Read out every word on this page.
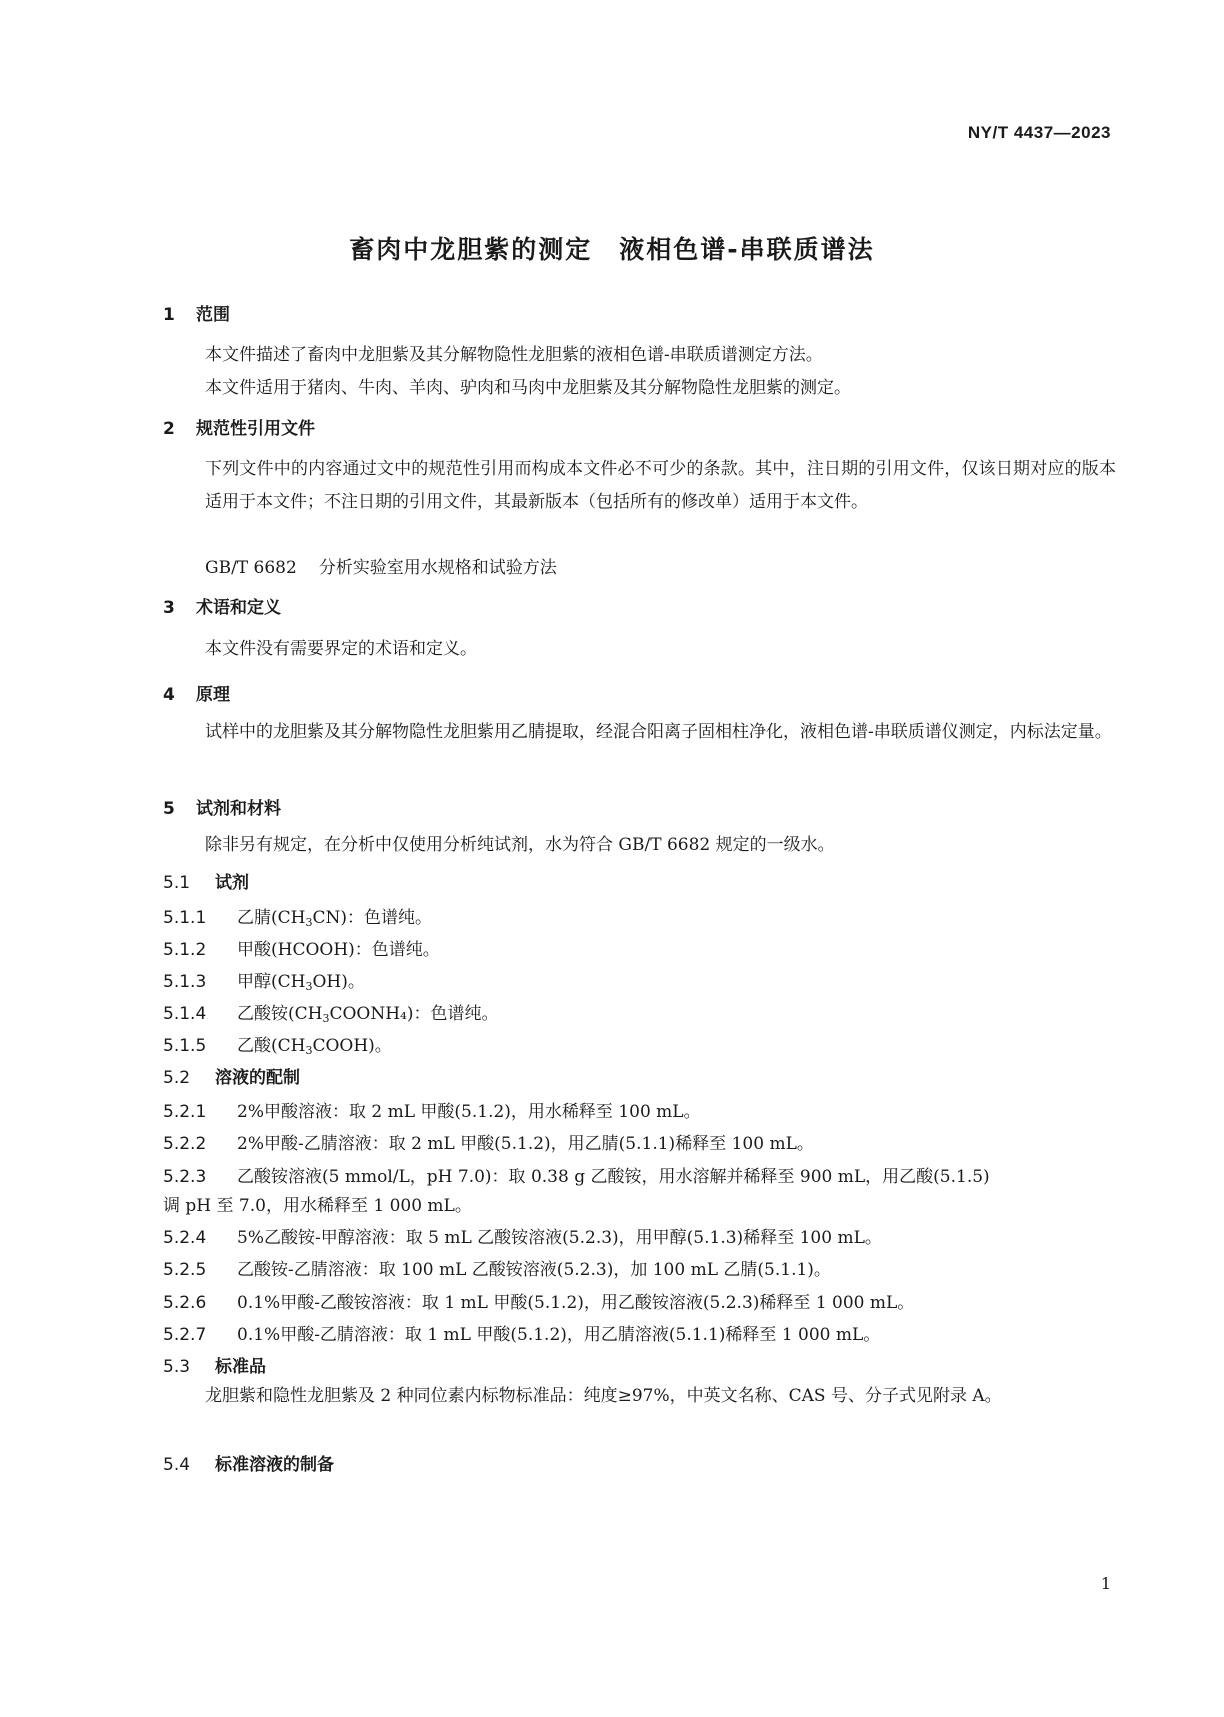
NY/T 4437—2023
畜肉中龙胆紫的测定　液相色谱-串联质谱法
1 范围
本文件描述了畜肉中龙胆紫及其分解物隐性龙胆紫的液相色谱-串联质谱测定方法。
本文件适用于猪肉、牛肉、羊肉、驴肉和马肉中龙胆紫及其分解物隐性龙胆紫的测定。
2 规范性引用文件
下列文件中的内容通过文中的规范性引用而构成本文件必不可少的条款。其中，注日期的引用文件，仅该日期对应的版本适用于本文件；不注日期的引用文件，其最新版本（包括所有的修改单）适用于本文件。
GB/T 6682 分析实验室用水规格和试验方法
3 术语和定义
本文件没有需要界定的术语和定义。
4 原理
试样中的龙胆紫及其分解物隐性龙胆紫用乙腈提取，经混合阳离子固相柱净化，液相色谱-串联质谱仪测定，内标法定量。
5 试剂和材料
除非另有规定，在分析中仅使用分析纯试剂，水为符合 GB/T 6682 规定的一级水。
5.1 试剂
5.1.1 乙腈$(CH_3CN)$：色谱纯。
5.1.2 甲酸(HCOOH)：色谱纯。
5.1.3 甲醇$(CH_3OH)$。
5.1.4 乙酸铵$(CH_3COONH_4)$：色谱纯。
5.1.5 乙酸$(CH_3COOH)$。
5.2 溶液的配制
5.2.1 2%甲酸溶液：取 2 mL 甲酸(5.1.2)，用水稀释至 100 mL。
5.2.2 2%甲酸-乙腈溶液：取 2 mL 甲酸(5.1.2)，用乙腈(5.1.1)稀释至 100 mL。
5.2.3 乙酸铵溶液(5 mmol/L，pH 7.0)：取 0.38 g 乙酸铵，用水溶解并稀释至 900 mL，用乙酸(5.1.5)
调 pH 至 7.0，用水稀释至 1 000 mL。
5.2.4 5%乙酸铵-甲醇溶液：取 5 mL 乙酸铵溶液(5.2.3)，用甲醇(5.1.3)稀释至 100 mL。
5.2.5 乙酸铵-乙腈溶液：取 100 mL 乙酸铵溶液(5.2.3)，加 100 mL 乙腈(5.1.1)。
5.2.6 0.1%甲酸-乙酸铵溶液：取 1 mL 甲酸(5.1.2)，用乙酸铵溶液(5.2.3)稀释至 1 000 mL。
5.2.7 0.1%甲酸-乙腈溶液：取 1 mL 甲酸(5.1.2)，用乙腈溶液(5.1.1)稀释至 1 000 mL。
5.3 标准品
龙胆紫和隐性龙胆紫及 2 种同位素内标物标准品：纯度≥97%，中英文名称、CAS 号、分子式见附录 A。
5.4 标准溶液的制备
1
